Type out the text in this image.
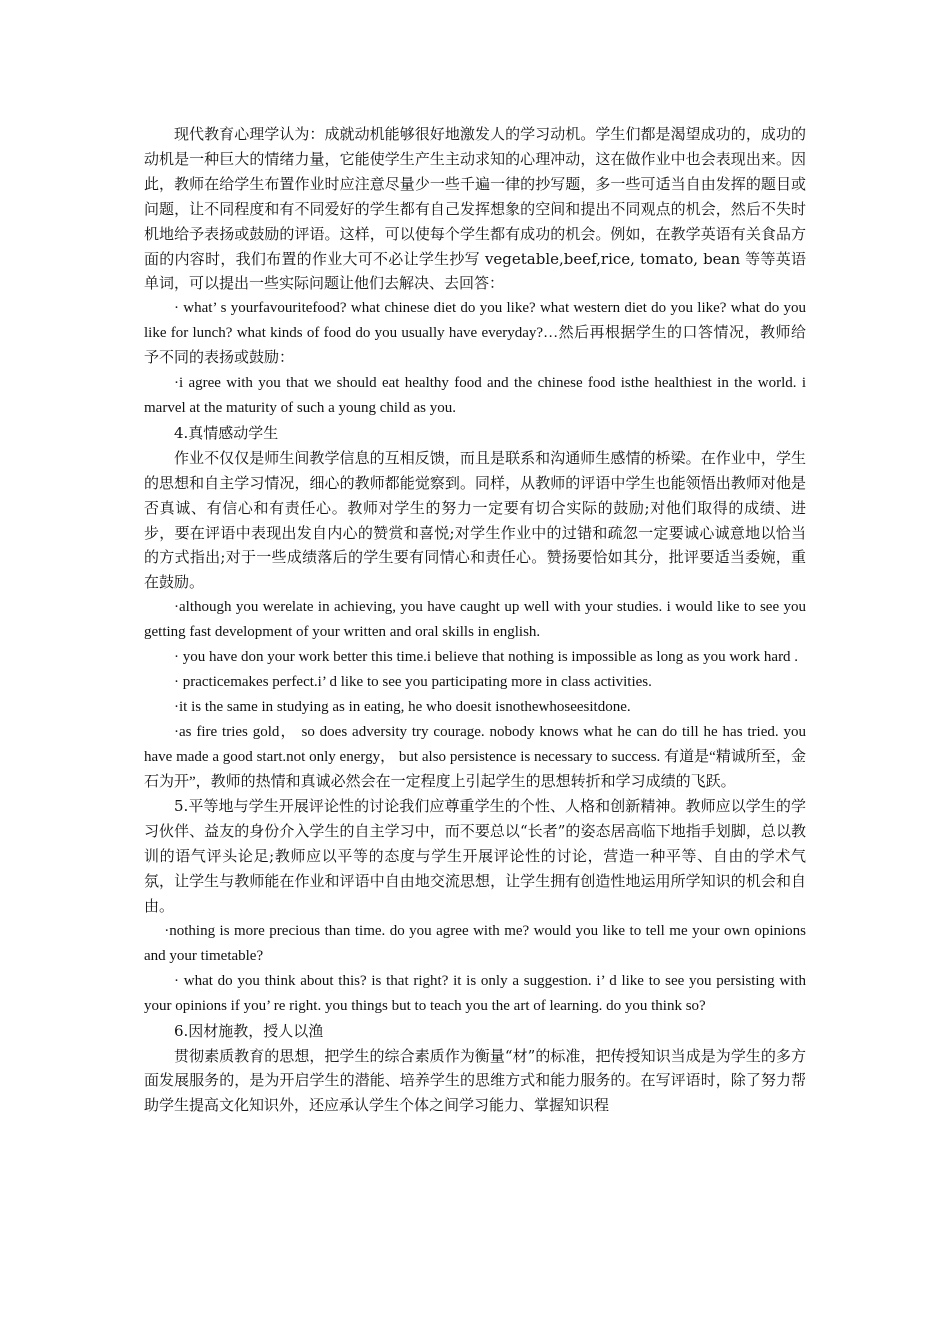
现代教育心理学认为：成就动机能够很好地激发人的学习动机。学生们都是渴望成功的，成功的动机是一种巨大的情绪力量，它能使学生产生主动求知的心理冲动，这在做作业中也会表现出来。因此，教师在给学生布置作业时应注意尽量少一些千遍一律的抄写题，多一些可适当自由发挥的题目或问题，让不同程度和有不同爱好的学生都有自己发挥想象的空间和提出不同观点的机会，然后不失时机地给予表扬或鼓励的评语。这样，可以使每个学生都有成功的机会。例如，在教学英语有关食品方面的内容时，我们布置的作业大可不必让学生抄写 vegetable,beef,rice, tomato, bean 等等英语单词，可以提出一些实际问题让他们去解决、去回答：

· what’ s yourfavouritefood? what chinese diet do you like? what western diet do you like? what do you like for lunch? what kinds of food do you usually have everyday?…然后再根据学生的口答情况，教师给予不同的表扬或鼓励：

·i agree with you that we should eat healthy food and the chinese food isthe healthiest in the world. i marvel at the maturity of such a young child as you.

4.真情感动学生

作业不仅仅是师生间教学信息的互相反馈，而且是联系和沟通师生感情的桥梁。在作业中，学生的思想和自主学习情况，细心的教师都能觉察到。同样，从教师的评语中学生也能领悟出教师对他是否真诚、有信心和有责任心。教师对学生的努力一定要有切合实际的鼓励;对他们取得的成绩、进步，要在评语中表现出发自内心的赞赏和喜悦;对学生作业中的过错和疏忽一定要诚心诚意地以恰当的方式指出;对于一些成绩落后的学生要有同情心和责任心。赞扬要恰如其分，批评要适当委婉，重在鼓励。

·although you werelate in achieving, you have caught up well with your studies. i would like to see you getting fast development of your written and oral skills in english.

· you have don your work better this time.i believe that nothing is impossible as long as you work hard .

· practicemakes perfect.i’ d like to see you participating more in class activities.

·it is the same in studying as in eating, he who doesit isnothewhoseesitdone.

·as fire tries gold， so does adversity try courage. nobody knows what he can do till he has tried. you have made a good start.not only energy， but also persistence is necessary to success. 有道是“精诚所至，金石为开”，教师的热情和真诚必然会在一定程度上引起学生的思想转折和学习成绩的飞跃。

5.平等地与学生开展评论性的讨论我们应尊重学生的个性、人格和创新精神。教师应以学生的学习伙伴、益友的身份介入学生的自主学习中，而不要总以“长者”的姿态居高临下地指手划脚，总以教训的语气评头论足;教师应以平等的态度与学生开展评论性的讨论，营造一种平等、自由的学术气氛，让学生与教师能在作业和评语中自由地交流思想，让学生拥有创造性地运用所学知识的机会和自由。

·nothing is more precious than time. do you agree with me? would you like to tell me your own opinions and your timetable?

· what do you think about this? is that right? it is only a suggestion. i’ d like to see you persisting with your opinions if you’ re right. you things but to teach you the art of learning. do you think so?

6.因材施教，授人以渔

贯彻素质教育的思想，把学生的综合素质作为衡量“材”的标准，把传授知识当成是为学生的多方面发展服务的，是为开启学生的潜能、培养学生的思维方式和能力服务的。在写评语时，除了努力帮助学生提高文化知识外，还应承认学生个体之间学习能力、掌握知识程
